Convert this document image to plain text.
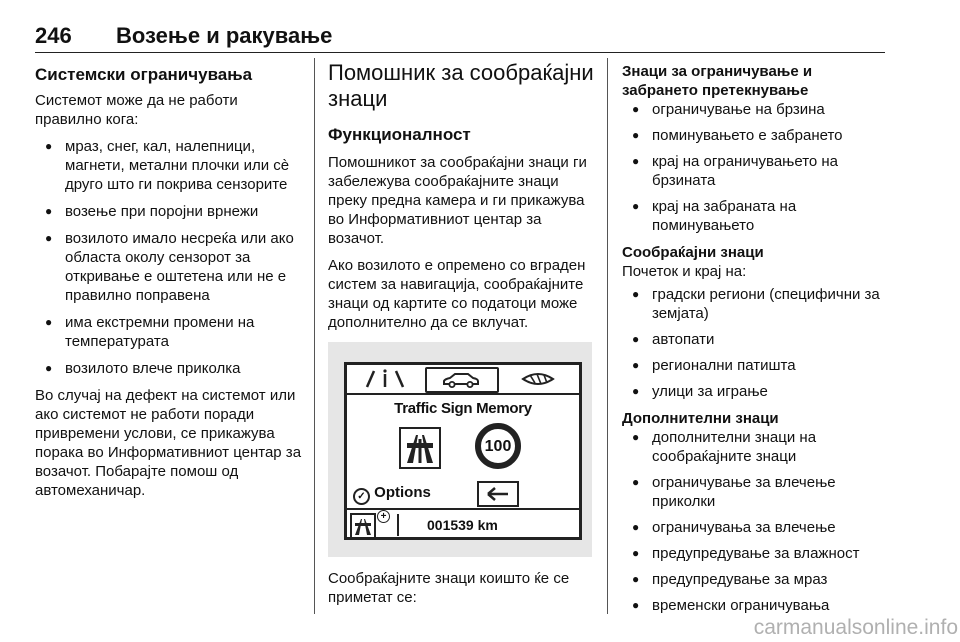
246 Возење и ракување
Системски ограничувања

Системот може да не работи правилно кога:

● мраз, снег, кал, налепници, магнети, метални плочки или сè друго што ги покрива сензорите
● возење при поројни врнежи
● возилото имало несреќа или ако областа околу сензорот за откривање е оштетена или не е правилно поправена
● има екстремни промени на температурата
● возилото влече приколка

Во случај на дефект на системот или ако системот не работи поради привремени услови, се прикажува порака во Информативниот центар за возачот. Побарајте помош од автомеханичар.

Помошник за сообраќајни знаци
Функционалност

Помошникот за сообраќајни знаци ги забележува сообраќајните знаци преку предна камера и ги прикажува во Информативниот центар за возачот.

Ако возилото е опремено со вграден систем за навигација, сообраќајните знаци од картите со податоци може дополнително да се вклучат.

Traffic Sign Memory
100
✓ Options
+
001539 km

Сообраќајните знаци коишто ќе се приметат се:

Знаци за ограничување и забрането претекнување
● ограничување на брзина
● поминувањето е забрането
● крај на ограничувањето на брзината
● крај на забраната на поминувањето
Сообраќајни знаци

Почеток и крај на:

● градски региони (специфични за земјата)
● автопати
● регионални патишта
● улици за играње
Дополнителни знаци
● дополнителни знаци на сообраќајните знаци
● ограничување за влечење приколки
● ограничувања за влечење
● предупредување за влажност
● предупредување за мраз
● временски ограничувања
carmanualsonline.info
